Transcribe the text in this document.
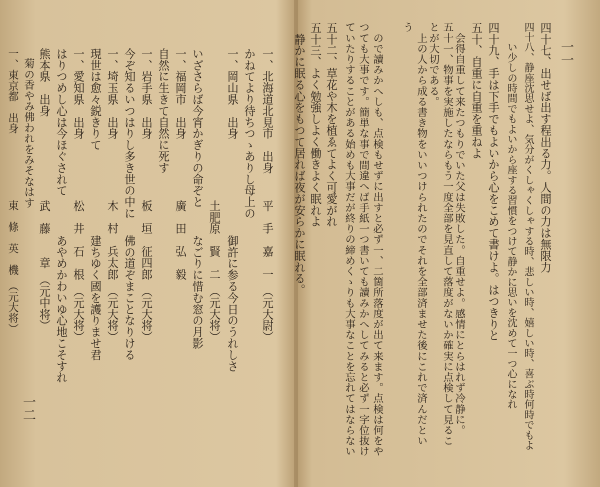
一二
一、北海道北見市　出身
平　手　嘉　一　（元大尉）
かねてより待ちつゝありし母上の
御許に参る今日のうれしさ
一、岡山県　出身
土肥原　賢　二　（元大将）
いざさらば今宵かぎりの命ぞと
なごりに惜む窓の月影
一、福岡市　出身
廣　田　弘　毅
自然に生きて自然に死す
一、岩手県　出身
板　垣　征四郎　（元大将）
今ぞ知るいつはりし多き世の中に
佛の道ぞまことなりける
一、埼玉県　出身
木　村　兵太郎　（元大将）
現世は愈々鋭きりて
建ちゆく國を護りませ君
一、愛知県　出身
松　井　石　根　（元大将）
はりつめし心は今ほぐされて
あやめかわいゆ心地こそすれ
熊本県　出身
武　藤　　章　（元中将）
菊の香やみ佛われをみそなはす
一、東京都　出身
東　條　英　機　（元大将）
一一
四十七、出せば出す程出る力。人間の力は無限力
四十八、静座沈思せよ、気分がくしゃくしゃする時、悲しい時、嬉しい時、喜ぶ時何時でもよ
　　い少しの時間でもよいから座する習慣をつけて静かに思いを沈めて一つ心になれ
四十九、手は下手でもよいから心をこめて書けよ。はつきりと
五十、自重に自重を重ねよ
　会得自重して来たつもりでいた父は失敗した。自重せよ。感情にとらはれず冷静に。
五十一、物事を実施したならもう一度全部を見直して落度がないか確実に点検して見ることが大切である。
　上の人から成る書き物をいいつけられたのでそれを全部済ませた後にこれで済んだという
　ので讀みかへしも、点検もせずに出すと必ず一、二箇所落度が出て来ます。点検は何をやつても大事です。簡単な事で間違へば手紙一つ書いても讀みかへしてみると必ず一字位抜けていたりすることがある始めも大事だが終りの締めくゝりも大事なことを忘れてはならない
五十二、草花や木を植ゑてよく可愛がれ
五十三、よく勉強しよく働きよく眠れよ
　静かに眠る心をもつて居れば夜が安らかに眠れる。
